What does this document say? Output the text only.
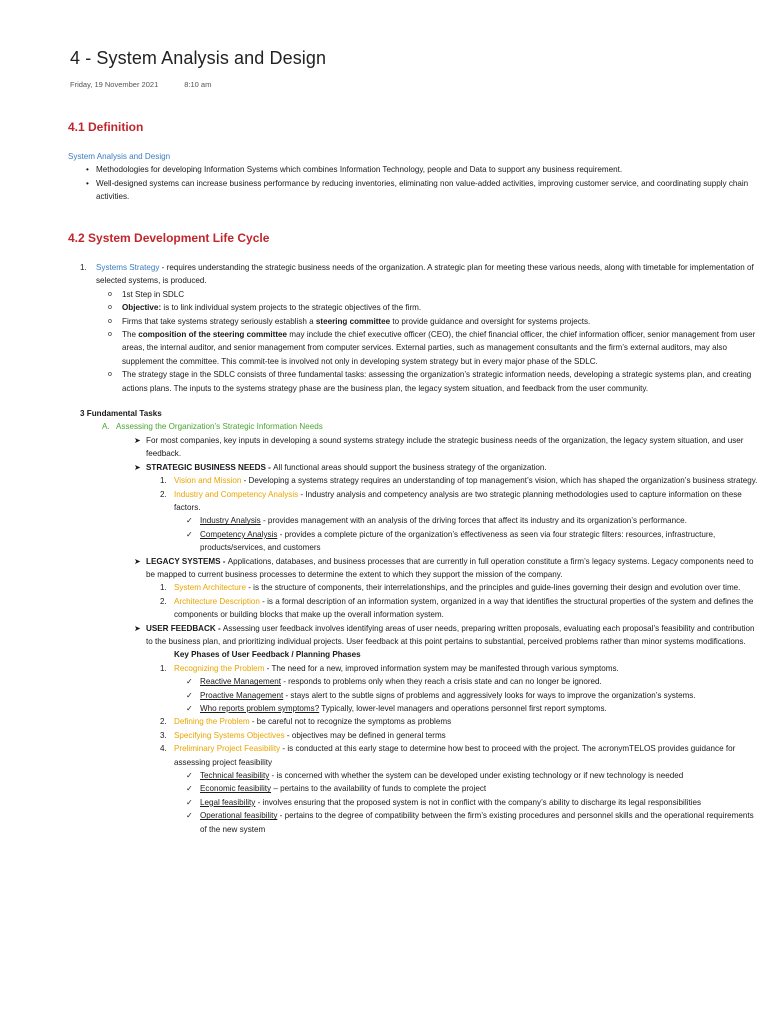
4 - System Analysis and Design
Friday, 19 November 2021	8:10 am
4.1 Definition
System Analysis and Design
• Methodologies for developing Information Systems which combines Information Technology, people and Data to support any business requirement.
• Well-designed systems can increase business performance by reducing inventories, eliminating non value-added activities, improving customer service, and coordinating supply chain activities.
4.2 System Development Life Cycle
1. Systems Strategy - requires understanding the strategic business needs of the organization. A strategic plan for meeting these various needs, along with timetable for implementation of selected systems, is produced.
o 1st Step in SDLC
o Objective: is to link individual system projects to the strategic objectives of the firm.
o Firms that take systems strategy seriously establish a steering committee to provide guidance and oversight for systems projects.
o The composition of the steering committee may include the chief executive officer (CEO), the chief financial officer, the chief information officer, senior management from user areas, the internal auditor, and senior management from computer services. External parties, such as management consultants and the firm’s external auditors, may also supplement the committee. This commit-tee is involved not only in developing system strategy but in every major phase of the SDLC.
o The strategy stage in the SDLC consists of three fundamental tasks: assessing the organization’s strategic information needs, developing a strategic systems plan, and creating actions plans. The inputs to the systems strategy phase are the business plan, the legacy system situation, and feedback from the user community.
3 Fundamental Tasks
A. Assessing the Organization’s Strategic Information Needs
➤ For most companies, key inputs in developing a sound systems strategy include the strategic business needs of the organization, the legacy system situation, and user feedback.
➤ STRATEGIC BUSINESS NEEDS - All functional areas should support the business strategy of the organization.
1. Vision and Mission - Developing a systems strategy requires an understanding of top management’s vision, which has shaped the organization’s business strategy.
2. Industry and Competency Analysis - Industry analysis and competency analysis are two strategic planning methodologies used to capture information on these factors.
✓ Industry Analysis - provides management with an analysis of the driving forces that affect its industry and its organization’s performance.
✓ Competency Analysis - provides a complete picture of the organization’s effectiveness as seen via four strategic filters: resources, infrastructure, products/services, and customers
➤ LEGACY SYSTEMS - Applications, databases, and business processes that are currently in full operation constitute a firm’s legacy systems. Legacy components need to be mapped to current business processes to determine the extent to which they support the mission of the company.
1. System Architecture - is the structure of components, their interrelationships, and the principles and guide-lines governing their design and evolution over time.
2. Architecture Description - is a formal description of an information system, organized in a way that identifies the structural properties of the system and defines the components or building blocks that make up the overall information system.
➤ USER FEEDBACK - Assessing user feedback involves identifying areas of user needs, preparing written proposals, evaluating each proposal’s feasibility and contribution to the business plan, and prioritizing individual projects. User feedback at this point pertains to substantial, perceived problems rather than minor systems modifications.
Key Phases of User Feedback / Planning Phases
1. Recognizing the Problem - The need for a new, improved information system may be manifested through various symptoms.
✓ Reactive Management - responds to problems only when they reach a crisis state and can no longer be ignored.
✓ Proactive Management - stays alert to the subtle signs of problems and aggressively looks for ways to improve the organization’s systems.
✓ Who reports problem symptoms? Typically, lower-level managers and operations personnel first report symptoms.
2. Defining the Problem - be careful not to recognize the symptoms as problems
3. Specifying Systems Objectives - objectives may be defined in general terms
4. Preliminary Project Feasibility - is conducted at this early stage to determine how best to proceed with the project. The acronymTELOS provides guidance for assessing project feasibility
✓ Technical feasibility - is concerned with whether the system can be developed under existing technology or if new technology is needed
✓ Economic feasibility – pertains to the availability of funds to complete the project
✓ Legal feasibility - involves ensuring that the proposed system is not in conflict with the company’s ability to discharge its legal responsibilities
✓ Operational feasibility - pertains to the degree of compatibility between the firm’s existing procedures and personnel skills and the operational requirements of the new system
